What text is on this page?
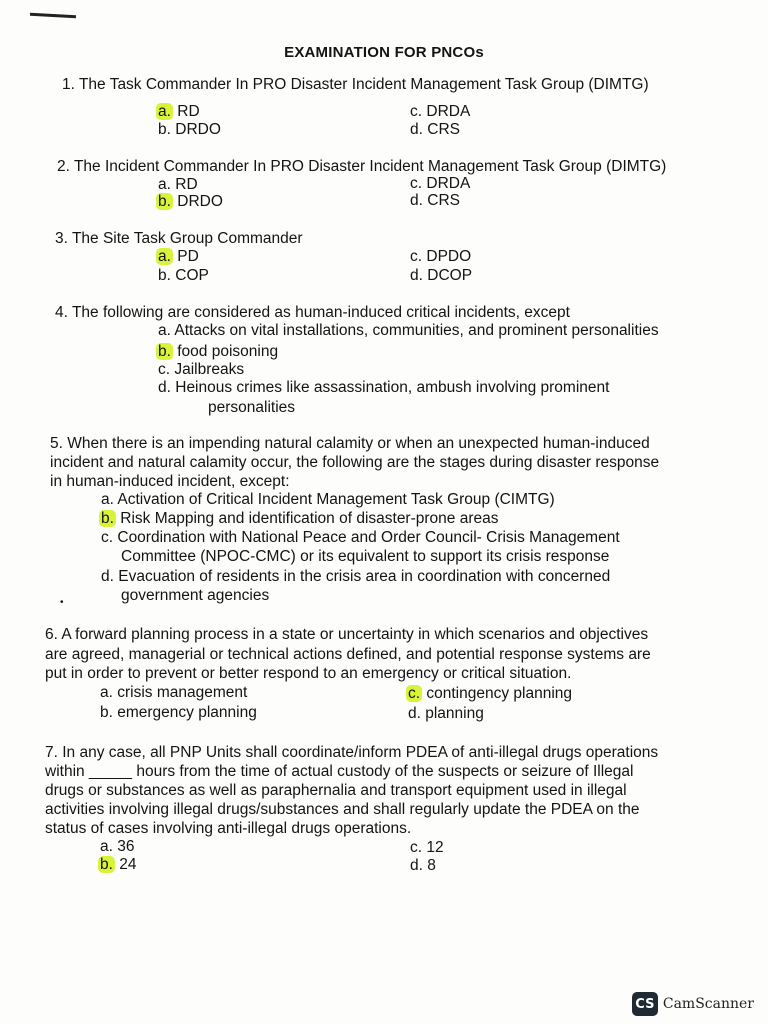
EXAMINATION FOR PNCOs
1. The Task Commander In PRO Disaster Incident Management Task Group (DIMTG)
a. RD
b. DRDO
c. DRDA
d. CRS
2. The Incident Commander In PRO Disaster Incident Management Task Group (DIMTG)
a. RD
b. DRDO
c. DRDA
d. CRS
3. The Site Task Group Commander
a. PD
b. COP
c. DPDO
d. DCOP
4. The following are considered as human-induced critical incidents, except
a. Attacks on vital installations, communities, and prominent personalities
b. food poisoning
c. Jailbreaks
d. Heinous crimes like assassination, ambush involving prominent
personalities
5. When there is an impending natural calamity or when an unexpected human-induced
incident and natural calamity occur, the following are the stages during disaster response
in human-induced incident, except:
a. Activation of Critical Incident Management Task Group (CIMTG)
b. Risk Mapping and identification of disaster-prone areas
c. Coordination with National Peace and Order Council- Crisis Management
Committee (NPOC-CMC) or its equivalent to support its crisis response
d. Evacuation of residents in the crisis area in coordination with concerned
government agencies
•
6. A forward planning process in a state or uncertainty in which scenarios and objectives
are agreed, managerial or technical actions defined, and potential response systems are
put in order to prevent or better respond to an emergency or critical situation.
a. crisis management
b. emergency planning
c. contingency planning
d. planning
7. In any case, all PNP Units shall coordinate/inform PDEA of anti-illegal drugs operations
within _____ hours from the time of actual custody of the suspects or seizure of Illegal
drugs or substances as well as paraphernalia and transport equipment used in illegal
activities involving illegal drugs/substances and shall regularly update the PDEA on the
status of cases involving anti-illegal drugs operations.
a. 36
b. 24
c. 12
d. 8
CS CamScanner
